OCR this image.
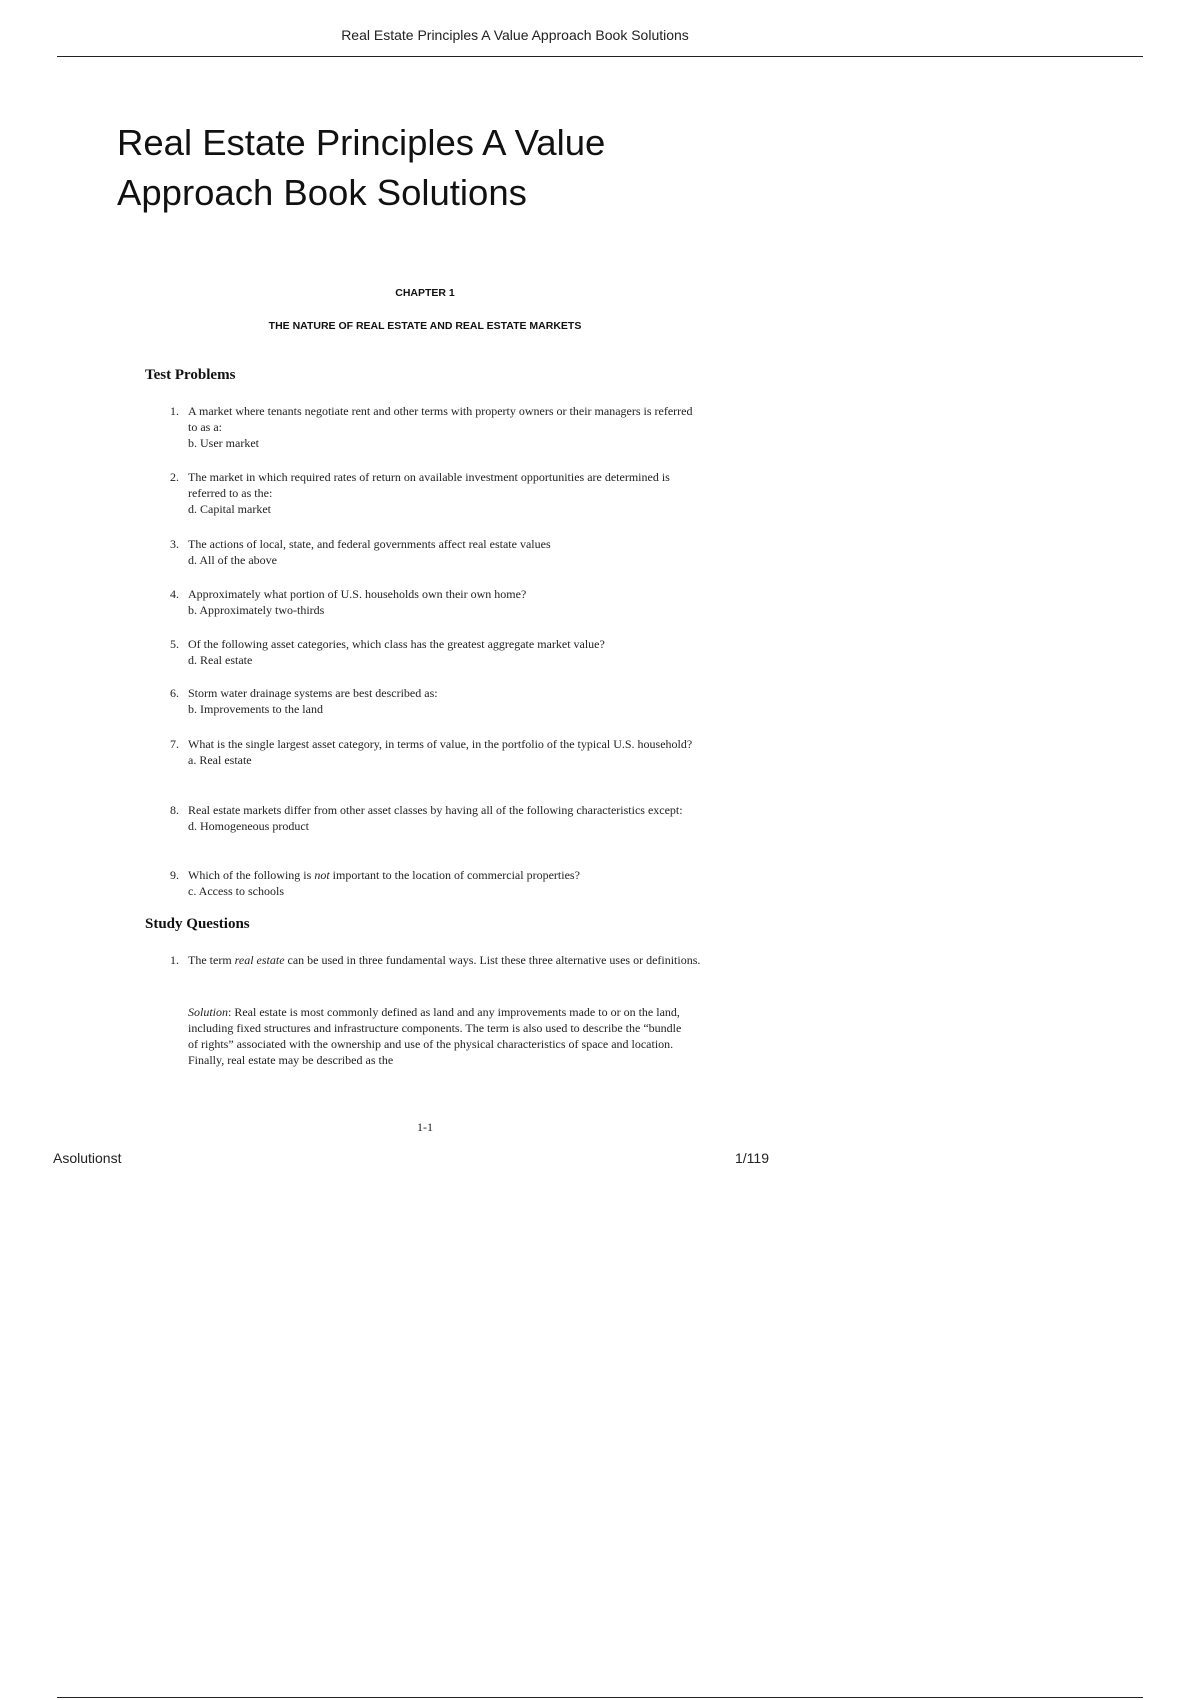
Real Estate Principles A Value Approach Book Solutions
Real Estate Principles A Value Approach Book Solutions
CHAPTER 1
THE NATURE OF REAL ESTATE AND REAL ESTATE MARKETS
Test Problems
1. A market where tenants negotiate rent and other terms with property owners or their managers is referred to as a:
b. User market
2. The market in which required rates of return on available investment opportunities are determined is referred to as the:
d. Capital market
3. The actions of local, state, and federal governments affect real estate values
d. All of the above
4. Approximately what portion of U.S. households own their own home?
b. Approximately two-thirds
5. Of the following asset categories, which class has the greatest aggregate market value?
d. Real estate
6. Storm water drainage systems are best described as:
b. Improvements to the land
7. What is the single largest asset category, in terms of value, in the portfolio of the typical U.S. household?
a. Real estate
8. Real estate markets differ from other asset classes by having all of the following characteristics except:
d. Homogeneous product
9. Which of the following is not important to the location of commercial properties?
c. Access to schools
Study Questions
1. The term real estate can be used in three fundamental ways. List these three alternative uses or definitions.
Solution: Real estate is most commonly defined as land and any improvements made to or on the land, including fixed structures and infrastructure components. The term is also used to describe the “bundle of rights” associated with the ownership and use of the physical characteristics of space and location. Finally, real estate may be described as the
1-1
Asolutionst	1/119
